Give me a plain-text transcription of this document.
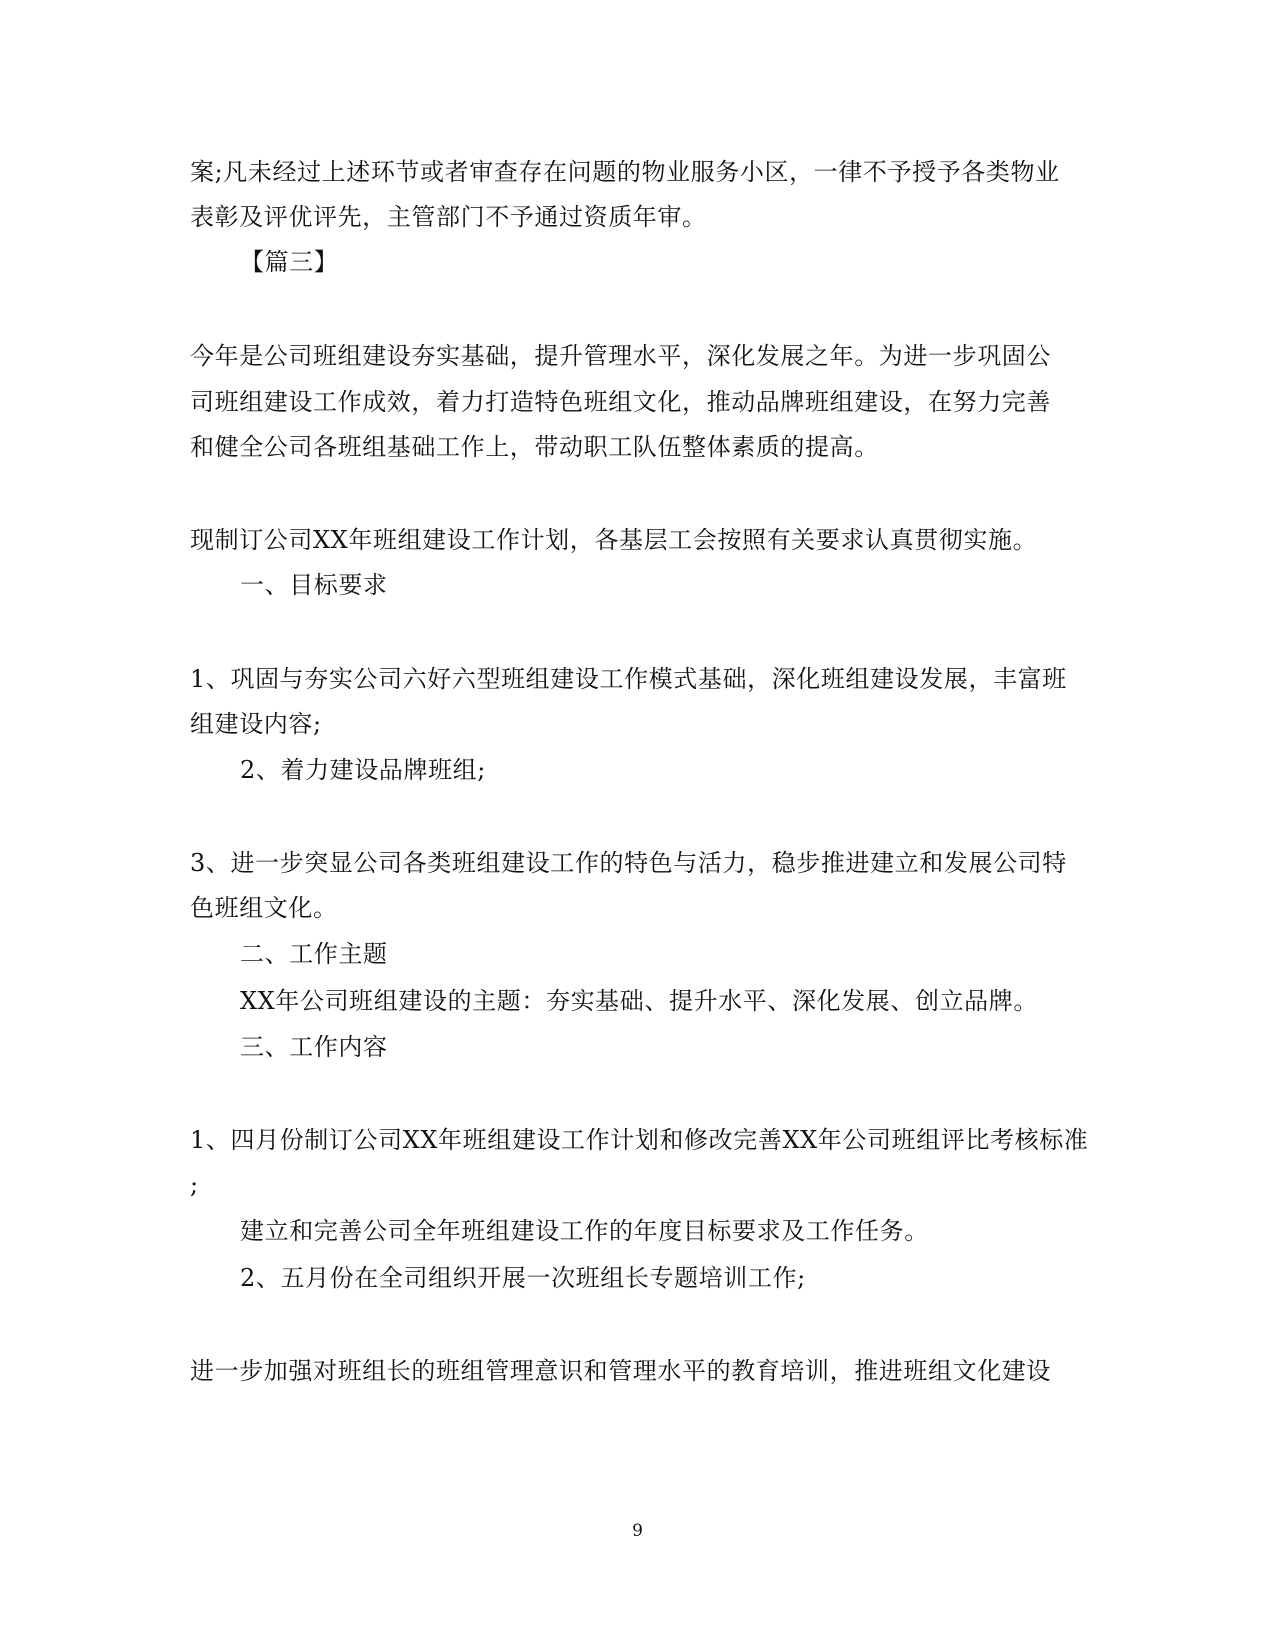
案;凡未经过上述环节或者审查存在问题的物业服务小区，一律不予授予各类物业
表彰及评优评先，主管部门不予通过资质年审。
【篇三】
今年是公司班组建设夯实基础，提升管理水平，深化发展之年。为进一步巩固公
司班组建设工作成效，着力打造特色班组文化，推动品牌班组建设，在努力完善
和健全公司各班组基础工作上，带动职工队伍整体素质的提高。
现制订公司XX年班组建设工作计划，各基层工会按照有关要求认真贯彻实施。
一、目标要求
1、巩固与夯实公司六好六型班组建设工作模式基础，深化班组建设发展，丰富班
组建设内容;
2、着力建设品牌班组;
3、进一步突显公司各类班组建设工作的特色与活力，稳步推进建立和发展公司特
色班组文化。
二、工作主题
XX年公司班组建设的主题：夯实基础、提升水平、深化发展、创立品牌。
三、工作内容
1、四月份制订公司XX年班组建设工作计划和修改完善XX年公司班组评比考核标准
;
建立和完善公司全年班组建设工作的年度目标要求及工作任务。
2、五月份在全司组织开展一次班组长专题培训工作;
进一步加强对班组长的班组管理意识和管理水平的教育培训，推进班组文化建设
9
